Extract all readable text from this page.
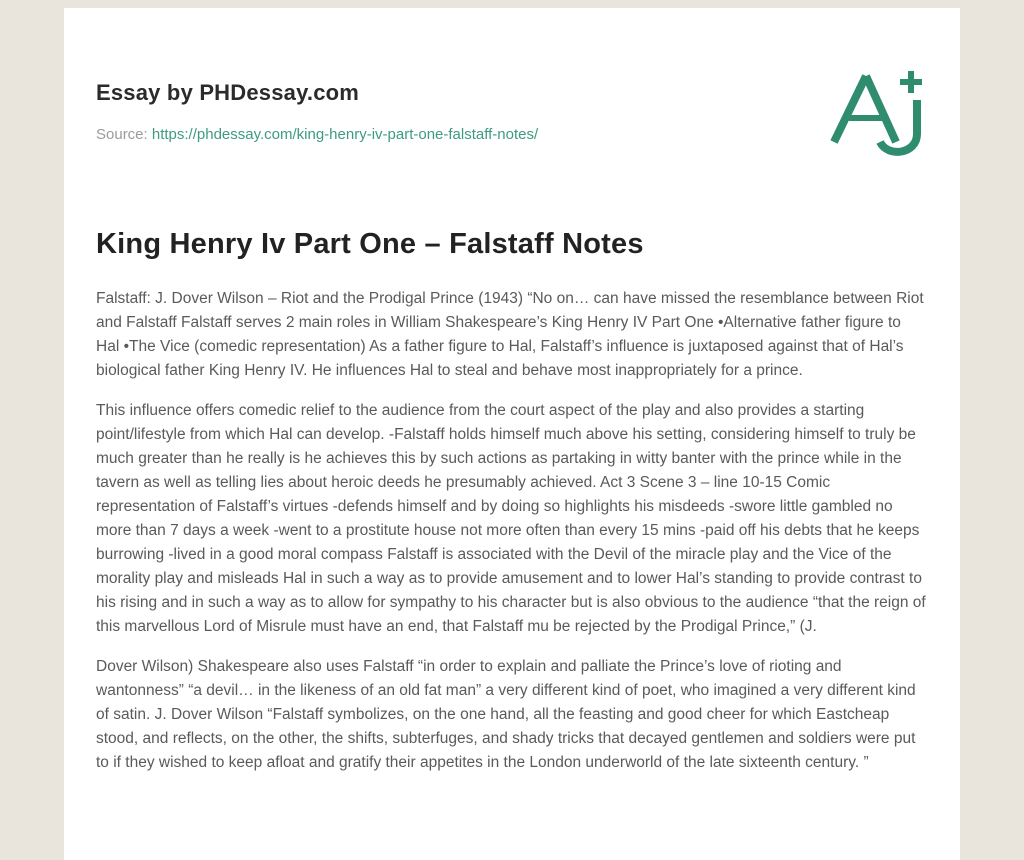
Essay by PHDessay.com
Source: https://phdessay.com/king-henry-iv-part-one-falstaff-notes/
King Henry Iv Part One – Falstaff Notes

Falstaff: J. Dover Wilson – Riot and the Prodigal Prince (1943) “No on… can have missed the resemblance between Riot and Falstaff Falstaff serves 2 main roles in William Shakespeare’s King Henry IV Part One •Alternative father figure to Hal •The Vice (comedic representation) As a father figure to Hal, Falstaff’s influence is juxtaposed against that of Hal’s biological father King Henry IV. He influences Hal to steal and behave most inappropriately for a prince.

This influence offers comedic relief to the audience from the court aspect of the play and also provides a starting point/lifestyle from which Hal can develop. -Falstaff holds himself much above his setting, considering himself to truly be much greater than he really is he achieves this by such actions as partaking in witty banter with the prince while in the tavern as well as telling lies about heroic deeds he presumably achieved. Act 3 Scene 3 – line 10-15 Comic representation of Falstaff’s virtues -defends himself and by doing so highlights his misdeeds -swore little gambled no more than 7 days a week -went to a prostitute house not more often than every 15 mins -paid off his debts that he keeps burrowing -lived in a good moral compass Falstaff is associated with the Devil of the miracle play and the Vice of the morality play and misleads Hal in such a way as to provide amusement and to lower Hal’s standing to provide contrast to his rising and in such a way as to allow for sympathy to his character but is also obvious to the audience “that the reign of this marvellous Lord of Misrule must have an end, that Falstaff mu be rejected by the Prodigal Prince,” (J.

Dover Wilson) Shakespeare also uses Falstaff “in order to explain and palliate the Prince’s love of rioting and wantonness” “a devil… in the likeness of an old fat man” a very different kind of poet, who imagined a very different kind of satin. J. Dover Wilson “Falstaff symbolizes, on the one hand, all the feasting and good cheer for which Eastcheap stood, and reflects, on the other, the shifts, subterfuges, and shady tricks that decayed gentlemen and soldiers were put to if they wished to keep afloat and gratify their appetites in the London underworld of the late sixteenth century. ”
